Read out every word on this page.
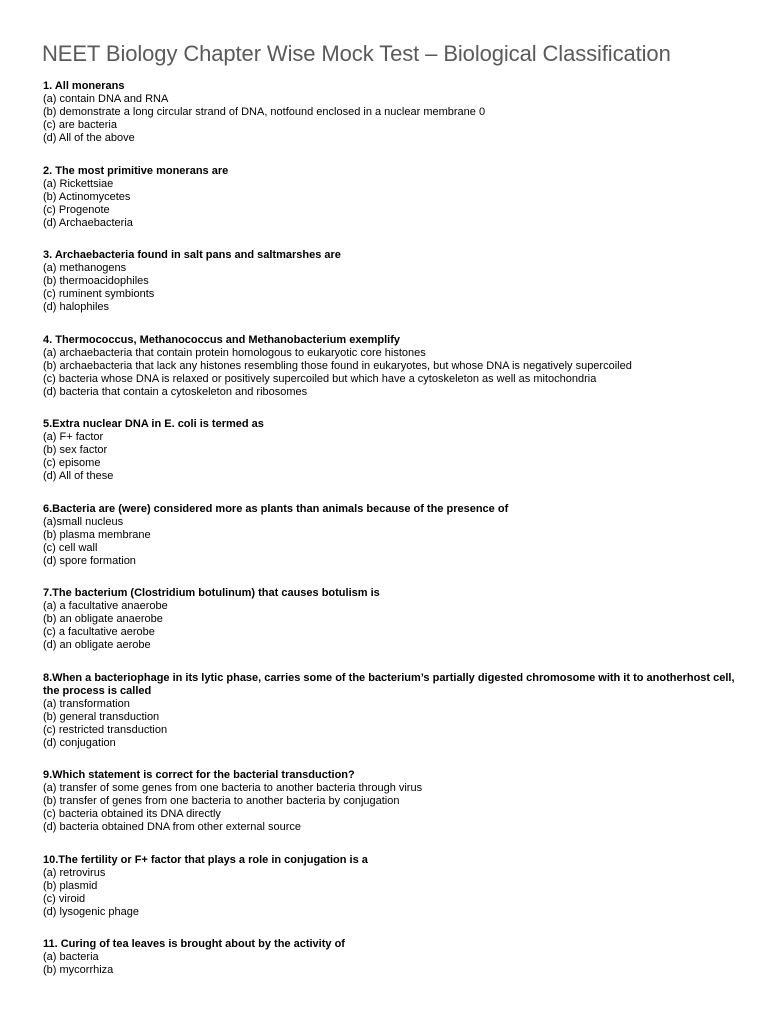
NEET Biology Chapter Wise Mock Test – Biological Classification

1. All monerans

(a) contain DNA and RNA
(b) demonstrate a long circular strand of DNA, notfound enclosed in a nuclear membrane 0
(c) are bacteria
(d) All of the above

2. The most primitive monerans are

(a) Rickettsiae
(b) Actinomycetes
(c) Progenote
(d) Archaebacteria

3. Archaebacteria found in salt pans and saltmarshes are

(a) methanogens
(b) thermoacidophiles
(c) ruminent symbionts
(d) halophiles

4. Thermococcus, Methanococcus and Methanobacterium exemplify

(a) archaebacteria that contain protein homologous to eukaryotic core histones
(b) archaebacteria that lack any histones resembling those found in eukaryotes, but whose DNA is negatively supercoiled
(c) bacteria whose DNA is relaxed or positively supercoiled but which have a cytoskeleton as well as mitochondria
(d) bacteria that contain a cytoskeleton and ribosomes

5.Extra nuclear DNA in E. coli is termed as

(a) F+ factor
(b) sex factor
(c) episome
(d) All of these

6.Bacteria are (were) considered more as plants than animals because of the presence of

(a)small nucleus
(b) plasma membrane
(c) cell wall
(d) spore formation

7.The bacterium (Clostridium botulinum) that causes botulism is

(a) a facultative anaerobe
(b) an obligate anaerobe
(c) a facultative aerobe
(d) an obligate aerobe

8.When a bacteriophage in its lytic phase, carries some of the bacterium’s partially digested chromosome with it to anotherhost cell, the process is called

(a) transformation
(b) general transduction
(c) restricted transduction
(d) conjugation

9.Which statement is correct for the bacterial transduction?

(a) transfer of some genes from one bacteria to another bacteria through virus
(b) transfer of genes from one bacteria to another bacteria by conjugation
(c) bacteria obtained its DNA directly
(d) bacteria obtained DNA from other external source

10.The fertility or F+ factor that plays a role in conjugation is a

(a) retrovirus
(b) plasmid
(c) viroid
(d) lysogenic phage

11. Curing of tea leaves is brought about by the activity of

(a) bacteria
(b) mycorrhiza
